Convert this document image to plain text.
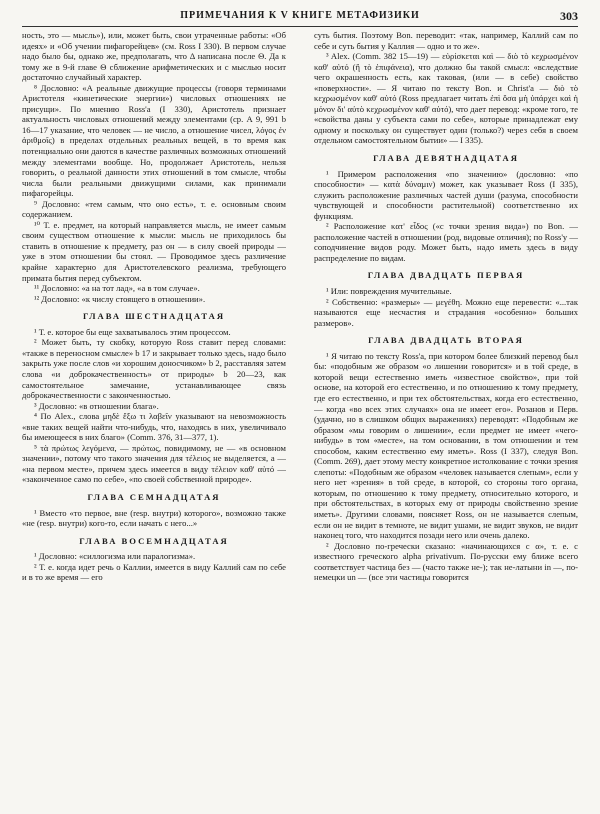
ПРИМЕЧАНИЯ К V КНИГЕ МЕТАФИЗИКИ	303

ность, это — мысль»), или, может быть, свои утраченные работы: «Об идеях» и «Об учении пифагорейцев» (см. Ross I 330). В первом случае надо было бы, однако же, предполагать, что Δ написана после Θ. Да к тому же в 9-й главе Θ сближение арифметических и с мыслью носит достаточно случайный характер.

⁸ Дословно: «А реальные движущие процессы (говоря терминами Аристотеля «кинетические энергии») числовых отношениях не присущи». По мнению Ross'а (I 330), Аристотель признает актуальность числовых отношений между элементами (ср. А 9, 991 b 16—17 указание, что человек — не число, а отношение чисел, λόγος ἐν ἀριθμοῖς) в пределах отдельных реальных вещей, в то время как потенциально они даются в качестве различных возможных отношений между элементами вообще. Но, продолжает Аристотель, нельзя говорить, о реальной данности этих отношений в том смысле, чтобы числа были реальными движущими силами, как принимали пифагорейцы.

⁹ Дословно: «тем самым, что оно есть», т. е. основным своим содержанием.

¹⁰ Т. е. предмет, на который направляется мысль, не имеет самым своим существом отношение к мысли: мысль не приходилось бы ставить в отношение к предмету, раз он — в силу своей природы — уже в этом отношении бы стоял. — Проводимое здесь различение крайне характерно для Аристотелевского реализма, требующего примата бытия перед субъектом.

¹¹ Дословно: «а на тот лад», «а в том случае».

¹² Дословно: «к числу стоящего в отношении».

ГЛАВА ШЕСТНАДЦАТАЯ

¹ Т. е. которое бы еще захватывалось этим процессом.

² Может быть, ту скобку, которую Ross ставит перед словами: «также в переносном смысле» b 17 и закрывает только здесь, надо было закрыть уже после слов «и хорошим доносчиком» b 2, расставляя затем слова «и доброкачественность» от природы» b 20—23, как самостоятельное замечание, устанавливающее связь доброкачественности с законченностью.

³ Дословно: «в отношении блага».

⁴ По Alex., слова μηδὲ ἔξω τι λαβεῖν указывают на невозможность «вне таких вещей найти что-нибудь, что, находясь в них, увеличивало бы имеющееся в них благо» (Comm. 376, 31—377, 1).

⁵ τὰ πρώτως λεγόμενα, — πρώτως, повидимому, не — «в основном значении», потому что такого значения для τέλειος не выделяется, а — «на первом месте», причем здесь имеется в виду τέλειον καθ' αὑτό — «законченное само по себе», «по своей собственной природе».

ГЛАВА СЕМНАДЦАТАЯ

¹ Вместо «то первое, вне (resp. внутри) которого», возможно также «не (resp. внутри) кого-то, если начать с него...»

ГЛАВА ВОСЕМНАДЦАТАЯ

¹ Дословно: «силлогизма или паралогизма».

² Т. е. когда идет речь о Каллии, имеется в виду Каллий сам по себе и в то же время — его

суть бытия. Поэтому Bon. переводит: «так, например, Каллий сам по себе и суть бытия у Каллия — одно и то же».

³ Alex. (Comm. 382 15—19) — εὑρίσκεται καὶ — διὸ τὸ κεχρωσμένον καθ' αὑτό (ἢ τὸ ἐπιφάνεια), что должно бы такой смысл: «вследствие чего окрашенность есть, как таковая, (или — в себе) свойство «поверхности». — Я читаю по тексту Bon. и Christ'а — διὸ τὸ κεχρωσμένον καθ' αὑτό (Ross предлагает читать ἐπὶ ὅσα μὴ ὑπάρχει καὶ ἡ μόνον δι' αὐτὸ κεχρωσμένον καθ' αὑτό), что дает перевод: «кроме того, те «свойства даны у субъекта сами по себе», которые принадлежат ему одному и поскольку он существует один (только?) через себя в своем отдельном самостоятельном бытии» — I 335).

ГЛАВА ДЕВЯТНАДЦАТАЯ

¹ Примером расположения «по значению» (дословно: «по способности» — κατὰ δύναμιν) может, как указывает Ross (I 335), служить расположение различных частей души (разума, способности чувствующей и способности растительной) соответственно их функциям.

² Расположение κατ' εἶδος («с точки зрения вида») по Bon. — расположение частей в отношении (род, видовые отличия); по Ross'у — соподчинение видов роду. Может быть, надо иметь здесь в виду распределение по видам.

ГЛАВА ДВАДЦАТЬ ПЕРВАЯ

¹ Или: повреждения мучительные.

² Собственно: «размеры» — μεγέθη. Можно еще перевести: «...так называются еще несчастия и страдания «особенно» больших размеров».

ГЛАВА ДВАДЦАТЬ ВТОРАЯ

¹ Я читаю по тексту Ross'а, при котором более близкий перевод был бы: «подобным же образом «о лишении говорится» и в той среде, в которой вещи естественно иметь «известное свойство», при той основе, на которой его естественно, и по отношению к тому предмету, где его естественно, и при тех обстоятельствах, когда его естественно, — когда «во всех этих случаях» она не имеет его». Розанов и Перв. (удачно, но в слишком общих выражениях) переводят: «Подобным же образом «мы говорим о лишении», если предмет не имеет «чего-нибудь» в том «месте», на том основании, в том отношении и тем способом, каким естественно ему иметь». Ross (I 337), следуя Bon. (Comm. 269), дает этому месту конкретное истолкование с точки зрения слепоты: «Подобным же образом «человек называется слепым», если у него нет «зрения» в той среде, в которой, со стороны того органа, которым, по отношению к тому предмету, относительно которого, и при обстоятельствах, в которых ему от природы свойственно зрение иметь». Другими словами, поясняет Ross, он не называется слепым, если он не видит в темноте, не видит ушами, не видит звуков, не видит наконец того, что находится позади него или очень далеко.

² Дословно по-гречески сказано: «начинающихся с α», т. е. с известного греческого alpha privativum. По-русски ему ближе всего соответствует частица без — (часто также не-); так не-латыни in —, по-немецки un — (все эти частицы говорится
